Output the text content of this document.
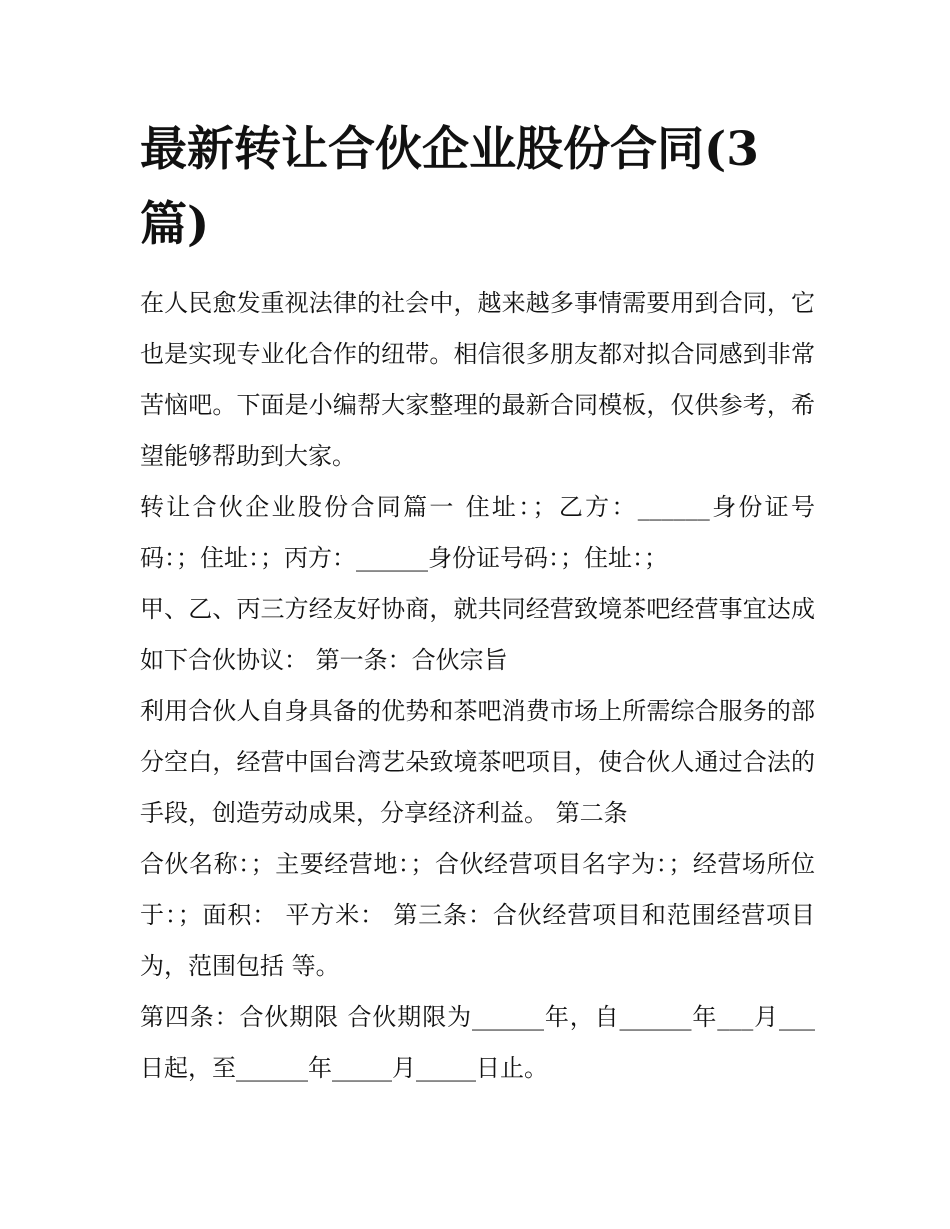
最新转让合伙企业股份合同(3篇)

在人民愈发重视法律的社会中，越来越多事情需要用到合同，它也是实现专业化合作的纽带。相信很多朋友都对拟合同感到非常苦恼吧。下面是小编帮大家整理的最新合同模板，仅供参考，希望能够帮助到大家。

转让合伙企业股份合同篇一 住址：；乙方：______身份证号码：；住址：；丙方：______身份证号码：；住址：；

甲、乙、丙三方经友好协商，就共同经营致境茶吧经营事宜达成如下合伙协议： 第一条：合伙宗旨

利用合伙人自身具备的优势和茶吧消费市场上所需综合服务的部分空白，经营中国台湾艺朵致境茶吧项目，使合伙人通过合法的手段，创造劳动成果，分享经济利益。 第二条

合伙名称：；主要经营地：；合伙经营项目名字为：；经营场所位于：；面积： 平方米： 第三条：合伙经营项目和范围经营项目为，范围包括 等。

第四条：合伙期限 合伙期限为______年，自______年___月___日起，至______年_____月_____日止。
